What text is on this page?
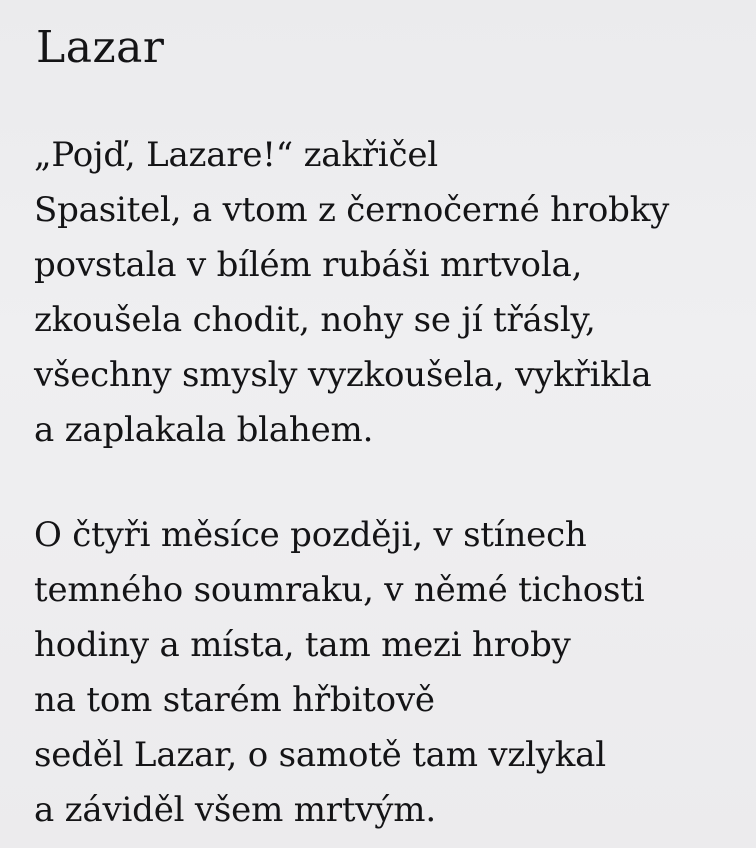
Lazar
„Pojď, Lazare!“ zakřičel
Spasitel, a vtom z černočerné hrobky
povstala v bílém rubáši mrtvola,
zkoušela chodit, nohy se jí třásly,
všechny smysly vyzkoušela, vykřikla
a zaplakala blahem.
O čtyři měsíce později, v stínech
temného soumraku, v němé tichosti
hodiny a místa, tam mezi hroby
na tom starém hřbitově
seděl Lazar, o samotě tam vzlykal
a záviděl všem mrtvým.
